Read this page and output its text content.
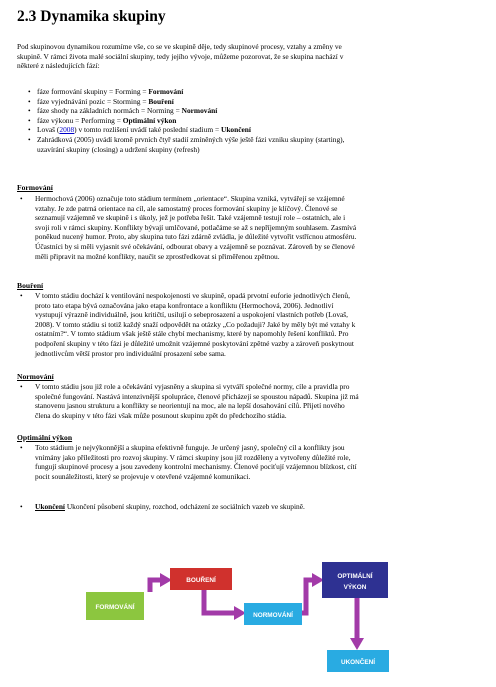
2.3 Dynamika skupiny
Pod skupinovou dynamikou rozumíme vše, co se ve skupině děje, tedy skupinové procesy, vztahy a změny ve
skupině. V rámci života malé sociální skupiny, tedy jejího vývoje, můžeme pozorovat, že se skupina nachází v
některé z následujících fází:
• fáze formování skupiny = Forming = Formování
• fáze vyjednávání pozic = Storming = Bouření
• fáze shody na základních normách = Norming = Normování
• fáze výkonu = Performing = Optimální výkon
• Lovaš (2008) v tomto rozlišení uvádí také poslední stadium = Ukončení
• Zahrádková (2005) uvádí kromě prvních čtyř stadií zmíněných výše ještě fázi vzniku skupiny (starting),
uzavírání skupiny (closing) a udržení skupiny (refresh)
Formování
• Hermochová (2006) označuje toto stádium termínem „orientace“. Skupina vzniká, vytvářejí se vzájemné
vztahy. Je zde patrná orientace na cíl, ale samostatný proces formování skupiny je klíčový. Členové se
seznamují vzájemně ve skupině i s úkoly, jež je potřeba řešit. Také vzájemně testují role – ostatních, ale i
svoji roli v rámci skupiny. Konflikty bývají umlčované, potlačáme se až s nepříjemným souhlasem. Zasmívá
poněkud nucený humor. Proto, aby skupina tuto fázi zdárně zvládla, je důležité vytvořit vstřícnou atmosféru.
Účastníci by si měli vyjasnit své očekávání, odbourat obavy a vzájemně se poznávat. Zároveň by se členové
měli připravit na možné konflikty, naučit se zprostředkovat si přiměřenou zpětnou.
Bouření
• V tomto stádiu dochází k ventilování nespokojenosti ve skupině, opadá prvotní euforie jednotlivých členů,
proto tato etapa bývá označována jako etapa konfrontace a konfliktu (Hermochová, 2006). Jednotliví
vystupují výrazně individuálně, jsou kritičtí, usilují o sebeprosazení a uspokojení vlastních potřeb (Lovaš,
2008). V tomto stádiu si totiž každý snaží odpovědět na otázky „Co požaduji? Jaké by měly být mé vztahy k
ostatním?“. V tomto stádium však ještě stále chybí mechanismy, které by napomohly řešení konfliktů. Pro
podpoření skupiny v této fázi je důležité umožnit vzájemné poskytování zpětné vazby a zároveň poskytnout
jednotlivcům větší prostor pro individuální prosazení sebe sama.
Normování
• V tomto stádiu jsou již role a očekávání vyjasněny a skupina si vytváří společné normy, cíle a pravidla pro
společné fungování. Nastává intenzivnější spolupráce, členové přicházejí se spoustou nápadů. Skupina již má
stanovenu jasnou strukturu a konflikty se neorientují na moc, ale na lepší dosahování cílů. Přijetí nového
člena do skupiny v této fázi však může posunout skupinu zpět do předchozího stádia.
Optimální výkon
• Toto stádium je nejvýkonnější a skupina efektivně funguje. Je určený jasný, společný cíl a konflikty jsou
vnímány jako příležitosti pro rozvoj skupiny. V rámci skupiny jsou již rozděleny a vytvořeny důležité role,
fungují skupinové procesy a jsou zavedeny kontrolní mechanismy. Členové pociťují vzájemnou blízkost, cítí
pocit sounáležitosti, který se projevuje v otevřené vzájemné komunikaci.
• Ukončení Ukončení působení skupiny, rozchod, odcházení ze sociálních vazeb ve skupině.
FORMOVÁNÍ
BOUŘENÍ
NORMOVÁNÍ
OPTIMÁLNÍ
VÝKON
UKONČENÍ
